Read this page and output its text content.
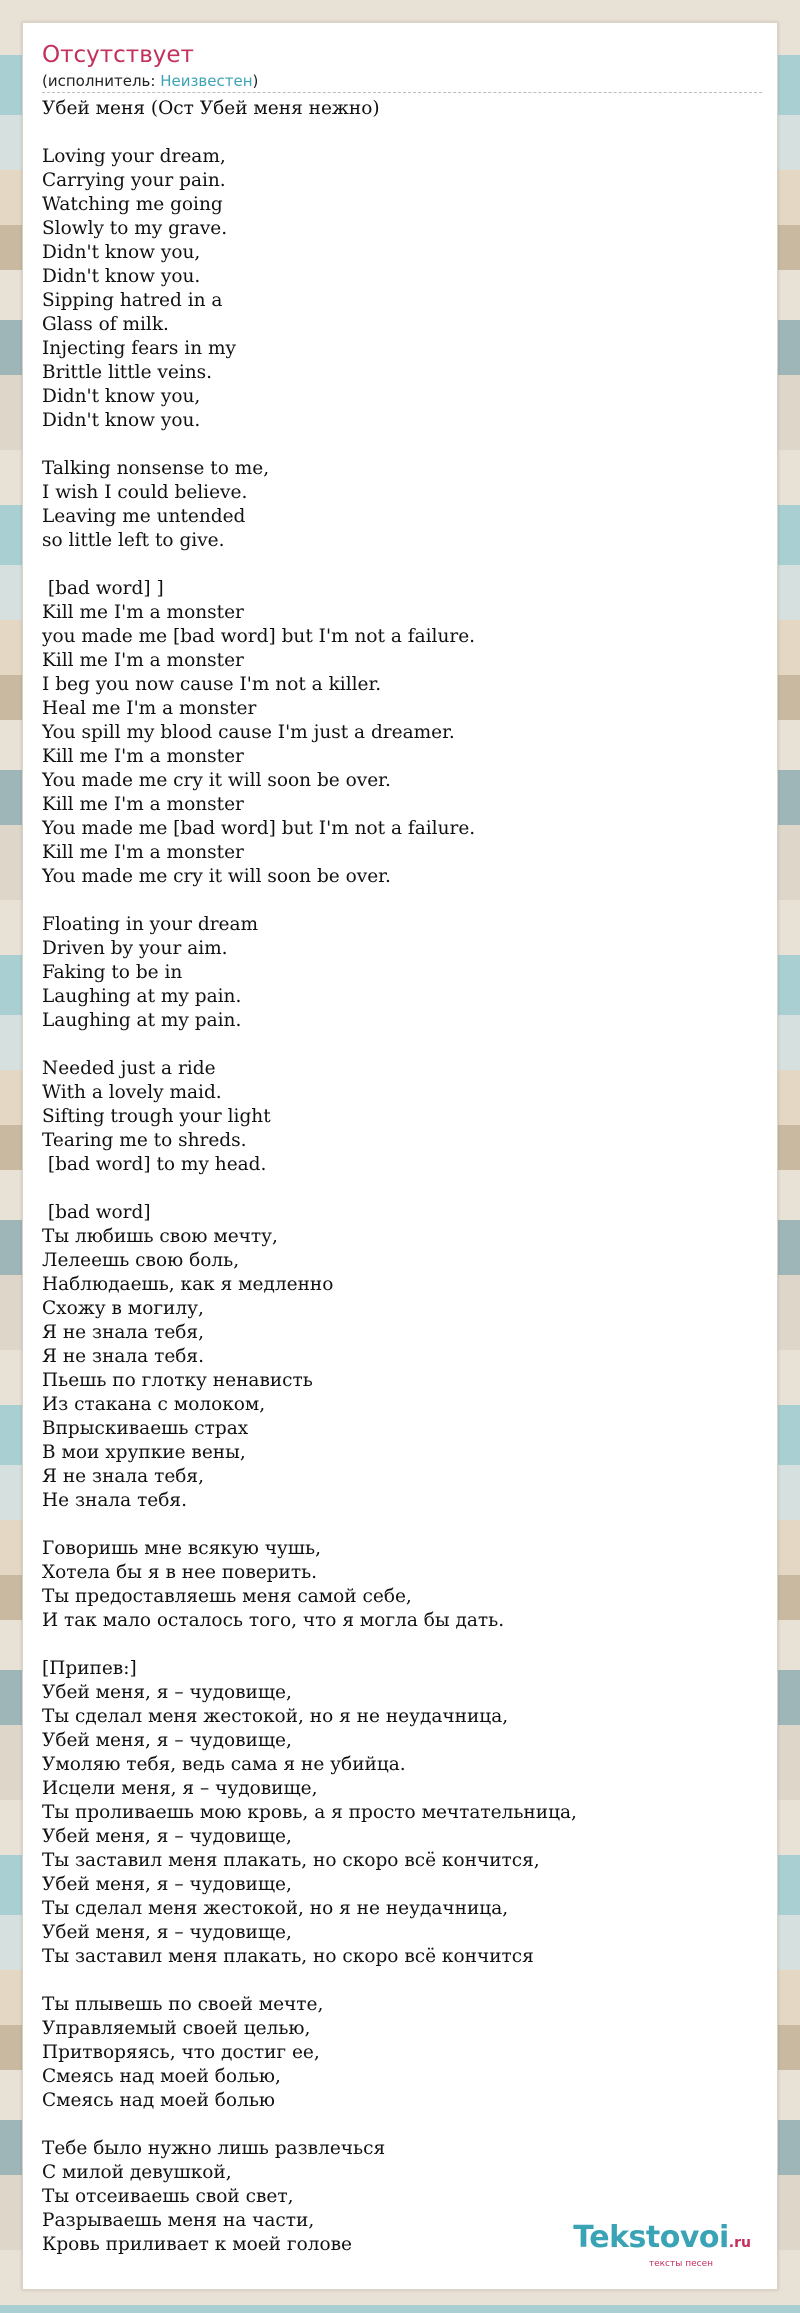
Отсутствует
(исполнитель: Неизвестен)
Убей меня (Ост Убей меня нежно)

Loving your dream,
Carrying your pain.
Watching me going
Slowly to my grave.
Didn't know you,
Didn't know you.
Sipping hatred in a
Glass of milk.
Injecting fears in my
Brittle little veins.
Didn't know you,
Didn't know you.

Talking nonsense to me,
I wish I could believe.
Leaving me untended
so little left to give.

[bad word] ]
Kill me I'm a monster
you made me [bad word] but I'm not a failure.
Kill me I'm a monster
I beg you now cause I'm not a killer.
Heal me I'm a monster
You spill my blood cause I'm just a dreamer.
Kill me I'm a monster
You made me cry it will soon be over.
Kill me I'm a monster
You made me [bad word] but I'm not a failure.
Kill me I'm a monster
You made me cry it will soon be over.

Floating in your dream
Driven by your aim.
Faking to be in
Laughing at my pain.
Laughing at my pain.

Needed just a ride
With a lovely maid.
Sifting trough your light
Tearing me to shreds.
[bad word] to my head.

[bad word]
Ты любишь свою мечту,
Лелеешь свою боль,
Наблюдаешь, как я медленно
Схожу в могилу,
Я не знала тебя,
Я не знала тебя.
Пьешь по глотку ненависть
Из стакана с молоком,
Впрыскиваешь страх
В мои хрупкие вены,
Я не знала тебя,
Не знала тебя.

Говоришь мне всякую чушь,
Хотела бы я в нее поверить.
Ты предоставляешь меня самой себе,
И так мало осталось того, что я могла бы дать.

[Припев:]
Убей меня, я – чудовище,
Ты сделал меня жестокой, но я не неудачница,
Убей меня, я – чудовище,
Умоляю тебя, ведь сама я не убийца.
Исцели меня, я – чудовище,
Ты проливаешь мою кровь, а я просто мечтательница,
Убей меня, я – чудовище,
Ты заставил меня плакать, но скоро всё кончится,
Убей меня, я – чудовище,
Ты сделал меня жестокой, но я не неудачница,
Убей меня, я – чудовище,
Ты заставил меня плакать, но скоро всё кончится

Ты плывешь по своей мечте,
Управляемый своей целью,
Притворяясь, что достиг ее,
Смеясь над моей болью,
Смеясь над моей болью

Тебе было нужно лишь развлечься
С милой девушкой,
Ты отсеиваешь свой свет,
Разрываешь меня на части,
Кровь приливает к моей голове	Tekstovoi.ru
тексты песен
